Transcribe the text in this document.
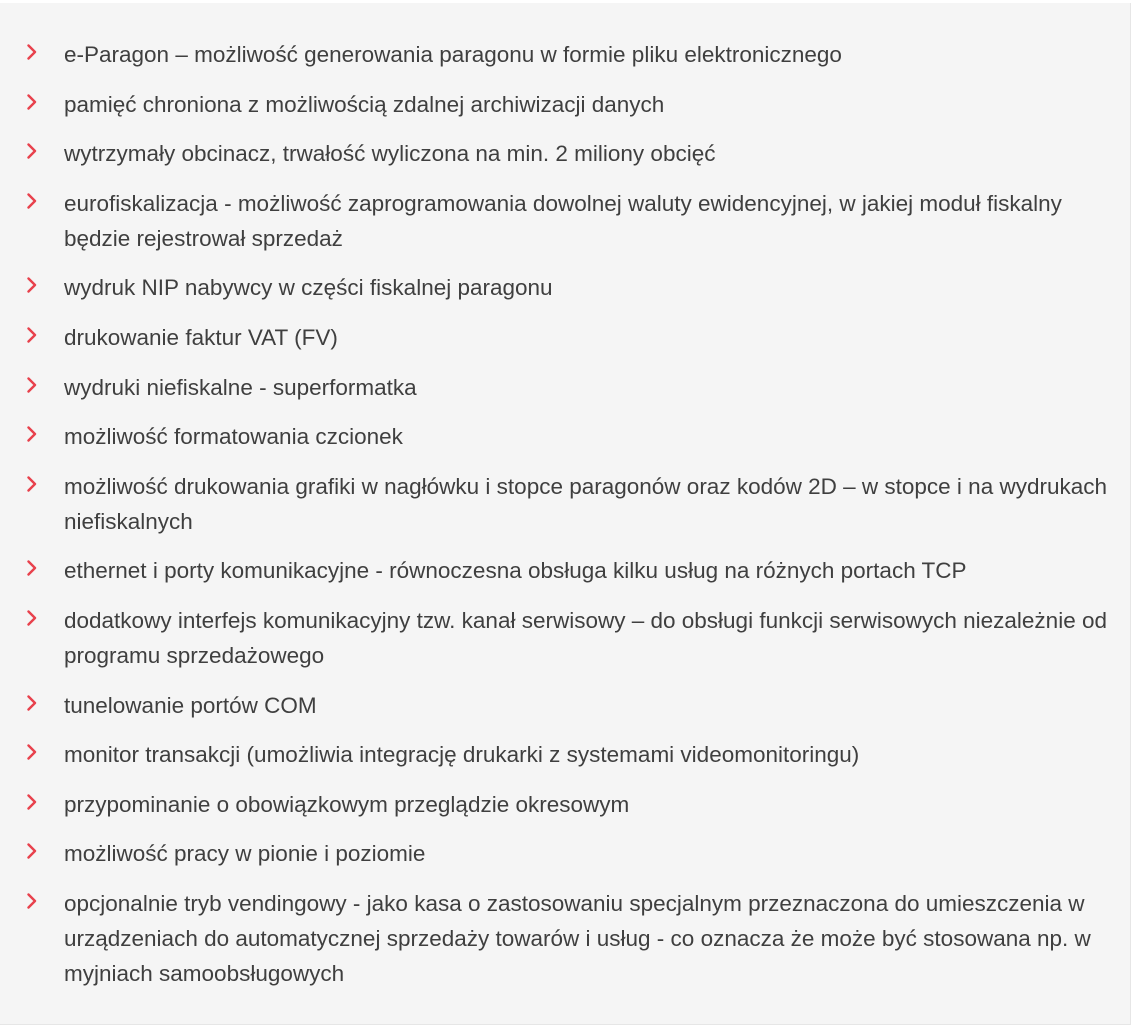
e-Paragon – możliwość generowania paragonu w formie pliku elektronicznego
pamięć chroniona z możliwością zdalnej archiwizacji danych
wytrzymały obcinacz, trwałość wyliczona na min. 2 miliony obcięć
eurofiskalizacja - możliwość zaprogramowania dowolnej waluty ewidencyjnej, w jakiej moduł fiskalny będzie rejestrował sprzedaż
wydruk NIP nabywcy w części fiskalnej paragonu
drukowanie faktur VAT (FV)
wydruki niefiskalne - superformatka
możliwość formatowania czcionek
możliwość drukowania grafiki w nagłówku i stopce paragonów oraz kodów 2D – w stopce i na wydrukach niefiskalnych
ethernet i porty komunikacyjne - równoczesna obsługa kilku usług na różnych portach TCP
dodatkowy interfejs komunikacyjny tzw. kanał serwisowy – do obsługi funkcji serwisowych niezależnie od programu sprzedażowego
tunelowanie portów COM
monitor transakcji (umożliwia integrację drukarki z systemami videomonitoringu)
przypominanie o obowiązkowym przeglądzie okresowym
możliwość pracy w pionie i poziomie
opcjonalnie tryb vendingowy - jako kasa o zastosowaniu specjalnym przeznaczona do umieszczenia w urządzeniach do automatycznej sprzedaży towarów i usług - co oznacza że może być stosowana np. w myjniach samoobsługowych
